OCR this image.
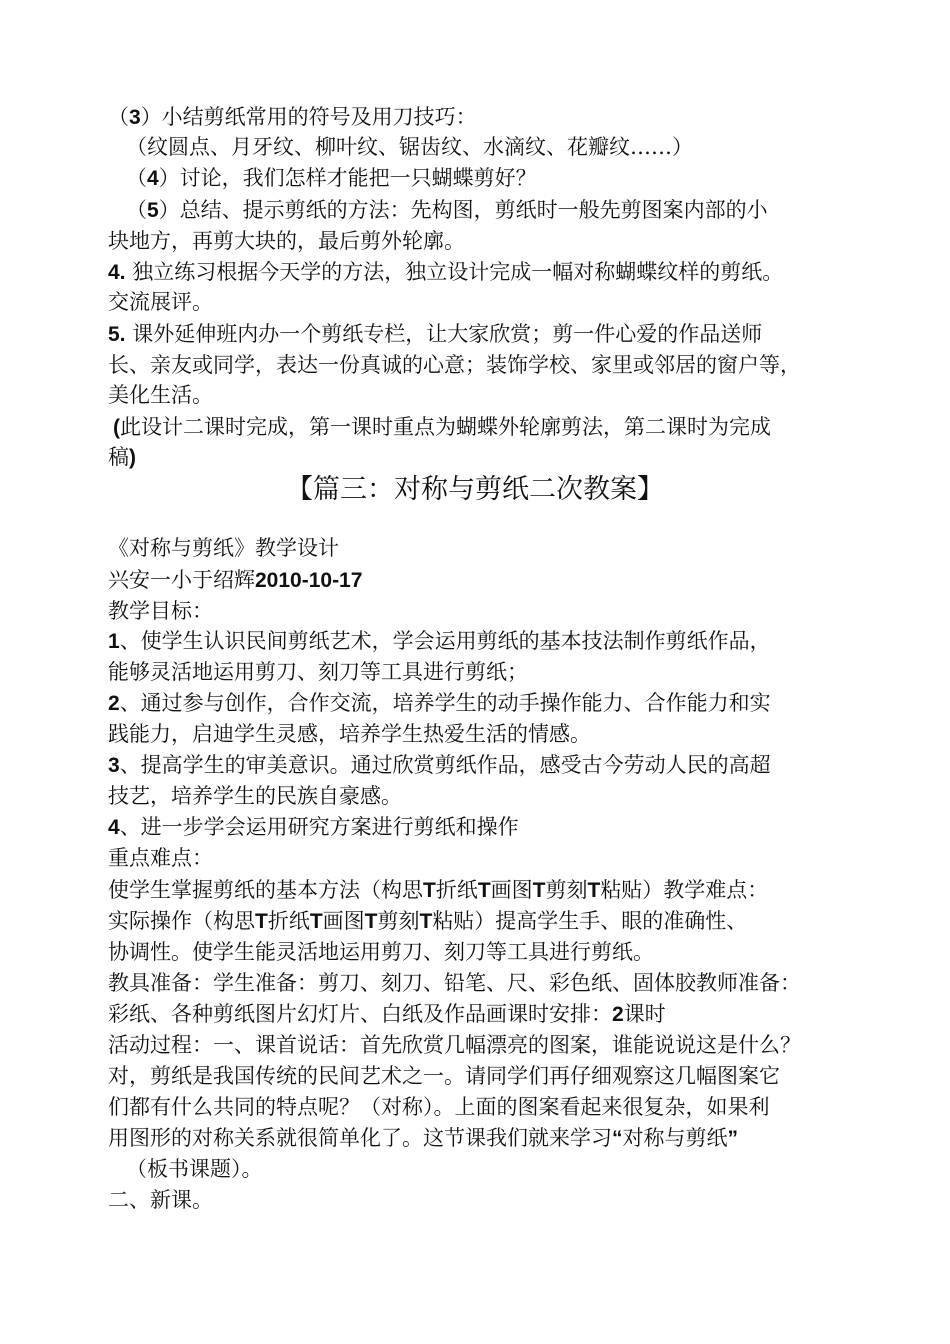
（3）小结剪纸常用的符号及用刀技巧：
（纹圆点、月牙纹、柳叶纹、锯齿纹、水滴纹、花瓣纹……）
（4）讨论，我们怎样才能把一只蝴蝶剪好？
（5）总结、提示剪纸的方法：先构图，剪纸时一般先剪图案内部的小
块地方，再剪大块的，最后剪外轮廓。
4. 独立练习根据今天学的方法，独立设计完成一幅对称蝴蝶纹样的剪纸。
交流展评。
5. 课外延伸班内办一个剪纸专栏，让大家欣赏；剪一件心爱的作品送师
长、亲友或同学，表达一份真诚的心意；装饰学校、家里或邻居的窗户等，
美化生活。
(此设计二课时完成，第一课时重点为蝴蝶外轮廓剪法，第二课时为完成
稿)
【篇三：对称与剪纸二次教案】
《对称与剪纸》教学设计
兴安一小于绍辉2010-10-17
教学目标：
1、使学生认识民间剪纸艺术，学会运用剪纸的基本技法制作剪纸作品，
能够灵活地运用剪刀、刻刀等工具进行剪纸；
2、通过参与创作，合作交流，培养学生的动手操作能力、合作能力和实
践能力，启迪学生灵感，培养学生热爱生活的情感。
3、提高学生的审美意识。通过欣赏剪纸作品，感受古今劳动人民的高超
技艺，培养学生的民族自豪感。
4、进一步学会运用研究方案进行剪纸和操作
重点难点：
使学生掌握剪纸的基本方法（构思T折纸T画图T剪刻T粘贴）教学难点：
实际操作（构思T折纸T画图T剪刻T粘贴）提高学生手、眼的准确性、
协调性。使学生能灵活地运用剪刀、刻刀等工具进行剪纸。
教具准备：学生准备：剪刀、刻刀、铅笔、尺、彩色纸、固体胶教师准备：
彩纸、各种剪纸图片幻灯片、白纸及作品画课时安排：2课时
活动过程：一、课首说话：首先欣赏几幅漂亮的图案，谁能说说这是什么？
对，剪纸是我国传统的民间艺术之一。请同学们再仔细观察这几幅图案它
们都有什么共同的特点呢？（对称）。上面的图案看起来很复杂，如果利
用图形的对称关系就很简单化了。这节课我们就来学习“对称与剪纸”
（板书课题）。
二、新课。
